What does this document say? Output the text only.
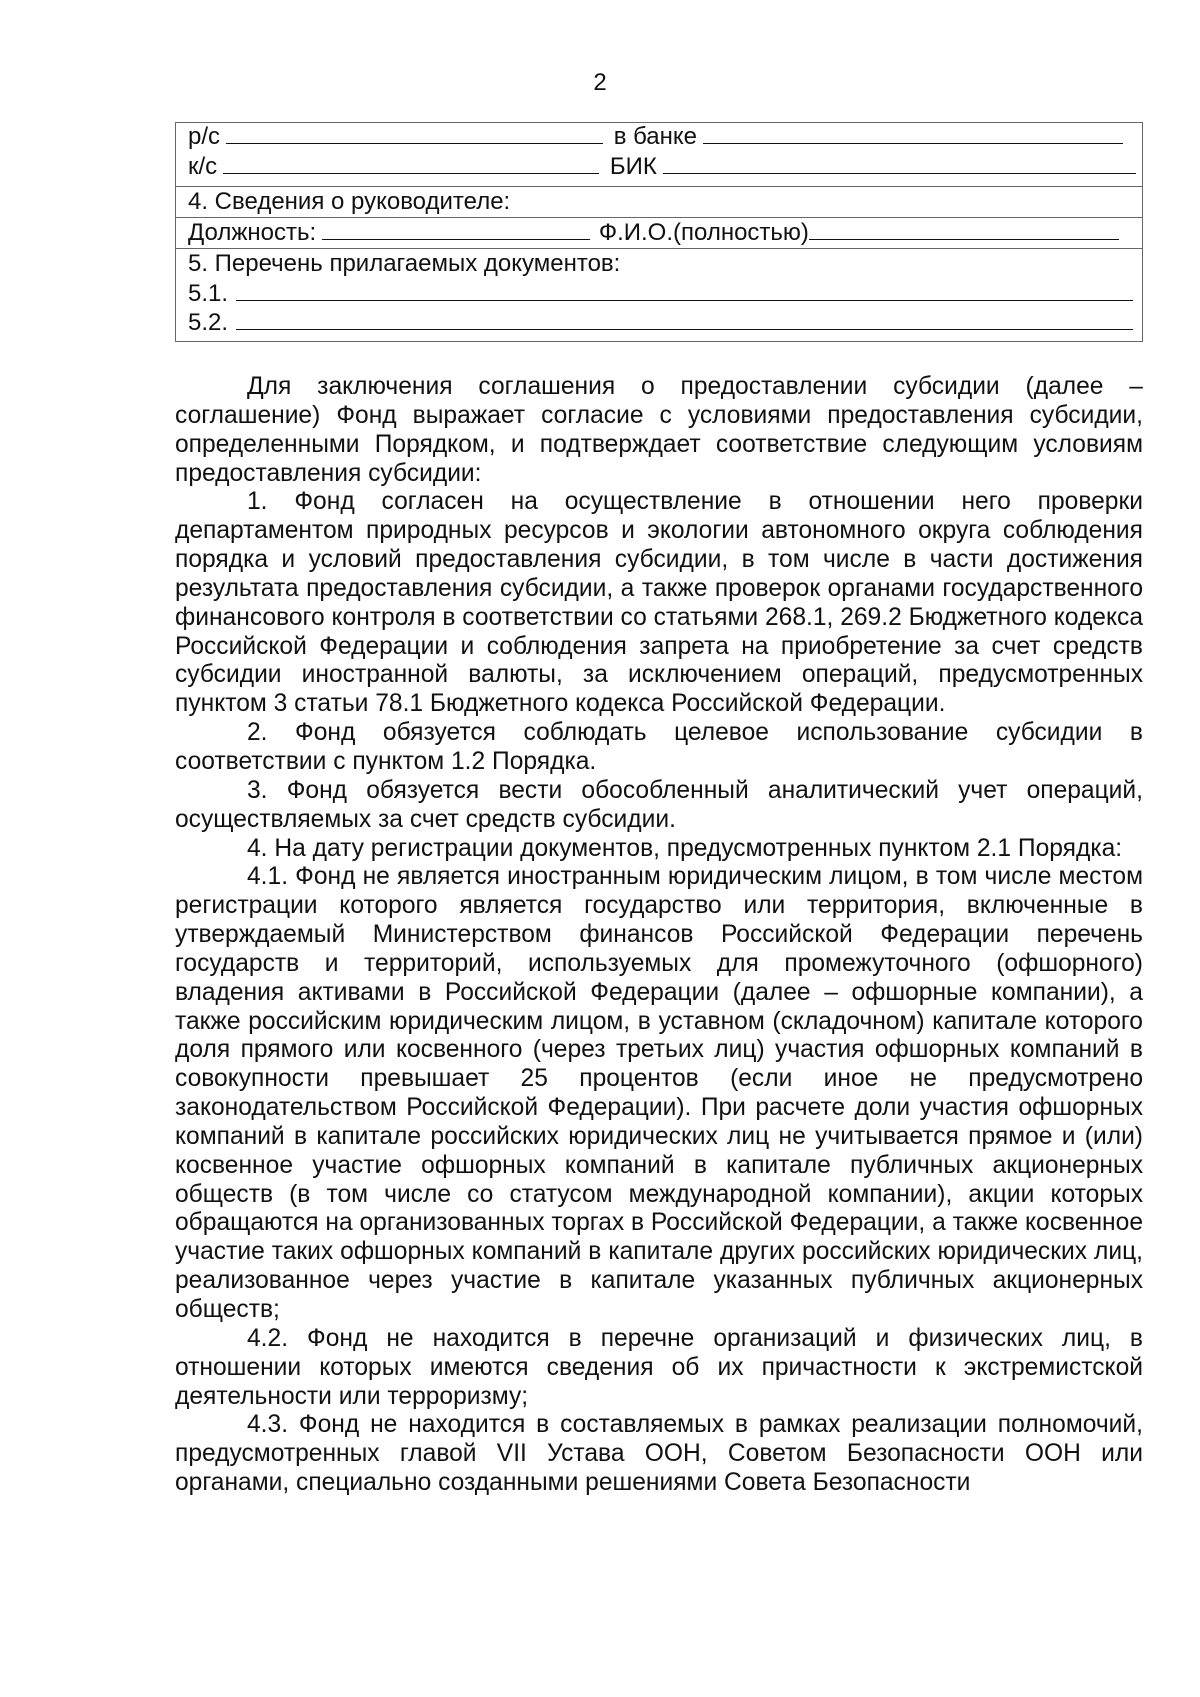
2
р/с	в банке
к/с	БИК
4. Сведения о руководителе:
Должность:	Ф.И.О.(полностью)
5. Перечень прилагаемых документов:
5.1.
5.2.

Для заключения соглашения о предоставлении субсидии (далее – соглашение) Фонд выражает согласие с условиями предоставления субсидии, определенными Порядком, и подтверждает соответствие следующим условиям предоставления субсидии:

1. Фонд согласен на осуществление в отношении него проверки департаментом природных ресурсов и экологии автономного округа соблюдения порядка и условий предоставления субсидии, в том числе в части достижения результата предоставления субсидии, а также проверок органами государственного финансового контроля в соответствии со статьями 268.1, 269.2 Бюджетного кодекса Российской Федерации и соблюдения запрета на приобретение за счет средств субсидии иностранной валюты, за исключением операций, предусмотренных пунктом 3 статьи 78.1 Бюджетного кодекса Российской Федерации.

2. Фонд обязуется соблюдать целевое использование субсидии в соответствии с пунктом 1.2 Порядка.

3. Фонд обязуется вести обособленный аналитический учет операций, осуществляемых за счет средств субсидии.

4. На дату регистрации документов, предусмотренных пунктом 2.1 Порядка:

4.1. Фонд не является иностранным юридическим лицом, в том числе местом регистрации которого является государство или территория, включенные в утверждаемый Министерством финансов Российской Федерации перечень государств и территорий, используемых для промежуточного (офшорного) владения активами в Российской Федерации (далее – офшорные компании), а также российским юридическим лицом, в уставном (складочном) капитале которого доля прямого или косвенного (через третьих лиц) участия офшорных компаний в совокупности превышает 25 процентов (если иное не предусмотрено законодательством Российской Федерации). При расчете доли участия офшорных компаний в капитале российских юридических лиц не учитывается прямое и (или) косвенное участие офшорных компаний в капитале публичных акционерных обществ (в том числе со статусом международной компании), акции которых обращаются на организованных торгах в Российской Федерации, а также косвенное участие таких офшорных компаний в капитале других российских юридических лиц, реализованное через участие в капитале указанных публичных акционерных обществ;

4.2. Фонд не находится в перечне организаций и физических лиц, в отношении которых имеются сведения об их причастности к экстремистской деятельности или терроризму;

4.3. Фонд не находится в составляемых в рамках реализации полномочий, предусмотренных главой VII Устава ООН, Советом Безопасности ООН или органами, специально созданными решениями Совета Безопасности
